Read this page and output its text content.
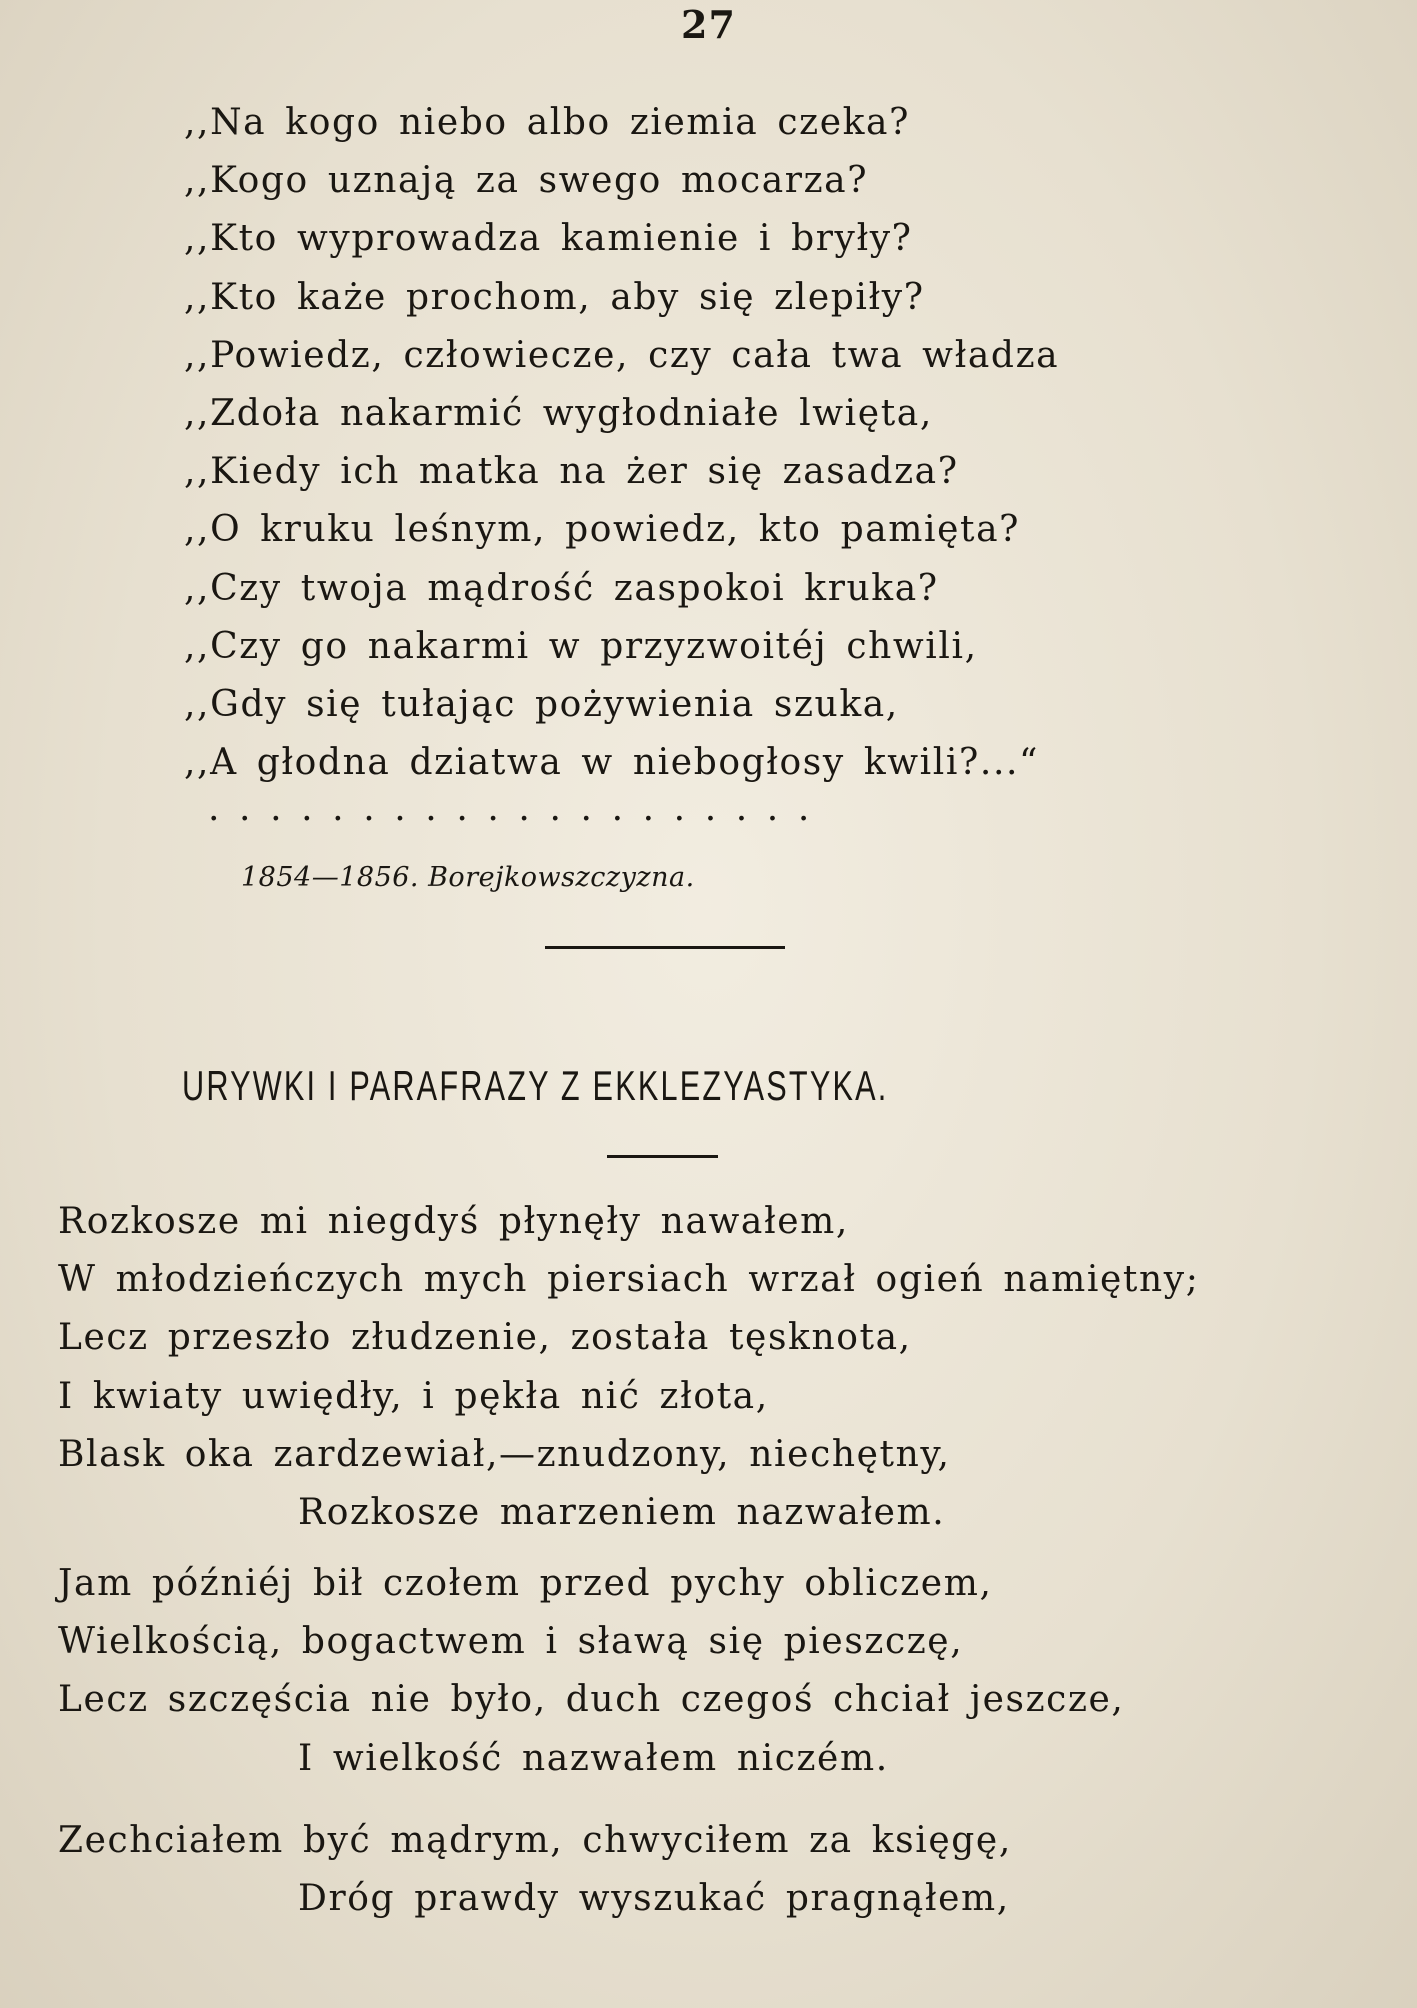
27
,,Na kogo niebo albo ziemia czeka?
,,Kogo uznają za swego mocarza?
,,Kto wyprowadza kamienie i bryły?
,,Kto każe prochom, aby się zlepiły?
,,Powiedz, człowiecze, czy cała twa władza
,,Zdoła nakarmić wygłodniałe lwięta,
,,Kiedy ich matka na żer się zasadza?
,,O kruku leśnym, powiedz, kto pamięta?
,,Czy twoja mądrość zaspokoi kruka?
,,Czy go nakarmi w przyzwoitéj chwili,
,,Gdy się tułając pożywienia szuka,
,,A głodna dziatwa w niebogłosy kwili?...“
....................
1854—1856. Borejkowszczyzna.
URYWKI I PARAFRAZY Z EKKLEZYASTYKA.
Rozkosze mi niegdyś płynęły nawałem,
W młodzieńczych mych piersiach wrzał ogień namiętny;
Lecz przeszło złudzenie, została tęsknota,
I kwiaty uwiędły, i pękła nić złota,
Blask oka zardzewiał,—znudzony, niechętny,
Rozkosze marzeniem nazwałem.
Jam późniéj bił czołem przed pychy obliczem,
Wielkością, bogactwem i sławą się pieszczę,
Lecz szczęścia nie było, duch czegoś chciał jeszcze,
I wielkość nazwałem niczém.
Zechciałem być mądrym, chwyciłem za księgę,
Dróg prawdy wyszukać pragnąłem,
